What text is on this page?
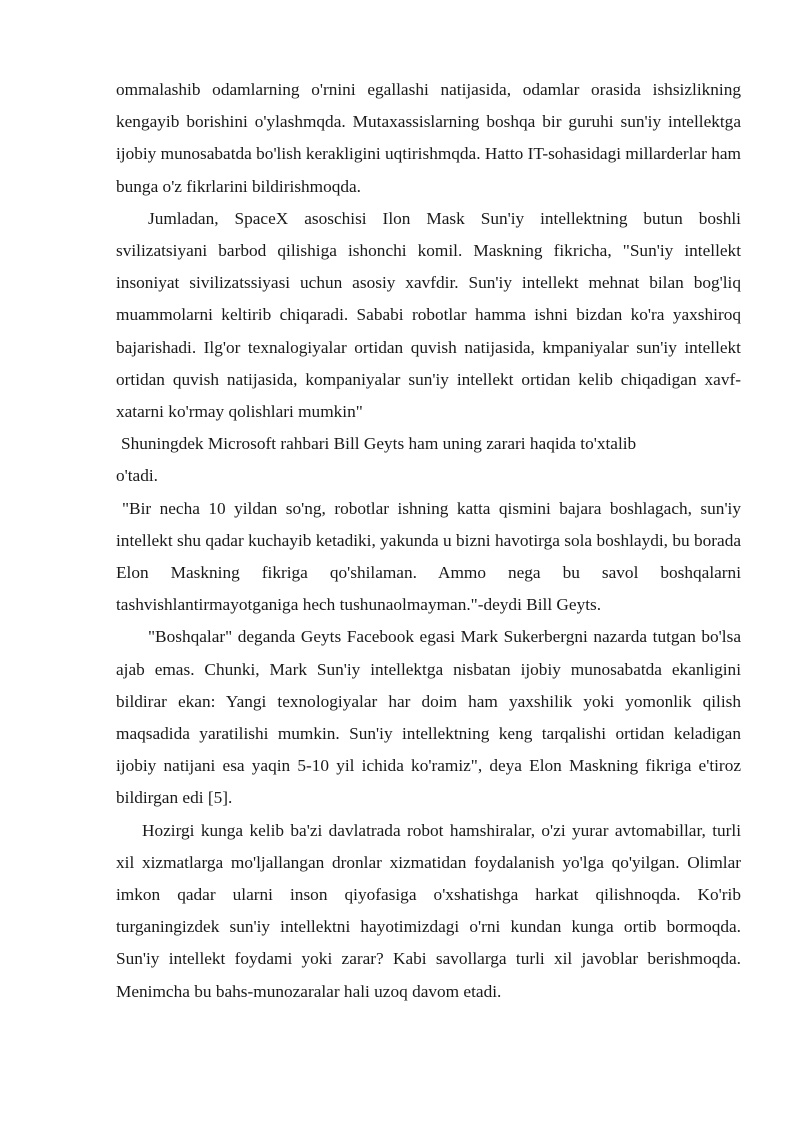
ommalashib odamlarning o'rnini egallashi natijasida, odamlar orasida ishsizlikning kengayib borishini o'ylashmqda. Mutaxassislarning boshqa bir guruhi sun'iy intellektga ijobiy munosabatda bo'lish kerakligini uqtirishmqda. Hatto IT-sohasidagi millarderlar ham bunga o'z fikrlarini bildirishmoqda.

Jumladan, SpaceX asoschisi Ilon Mask Sun'iy intellektning butun boshli svilizatsiyani barbod qilishiga ishonchi komil. Maskning fikricha, "Sun'iy intellekt insoniyat sivilizatssiyasi uchun asosiy xavfdir. Sun'iy intellekt mehnat bilan bog'liq muammolarni keltirib chiqaradi. Sababi robotlar hamma ishni bizdan ko'ra yaxshiroq bajarishadi. Ilg'or texnalogiyalar ortidan quvish natijasida, kmpaniyalar sun'iy intellekt ortidan quvish natijasida, kompaniyalar sun'iy intellekt ortidan kelib chiqadigan xavf-xatarni ko'rmay qolishlari mumkin"

Shuningdek Microsoft rahbari Bill Geyts ham uning zarari haqida to'xtalib

o'tadi.

"Bir necha 10 yildan so'ng, robotlar ishning katta qismini bajara boshlagach, sun'iy intellekt shu qadar kuchayib ketadiki, yakunda u bizni havotirga sola boshlaydi, bu borada Elon Maskning fikriga qo'shilaman. Ammo nega bu savol boshqalarni tashvishlantirmayotganiga hech tushunaolmayman."-deydi Bill Geyts.

"Boshqalar" deganda Geyts Facebook egasi Mark Sukerbergni nazarda tutgan bo'lsa ajab emas. Chunki, Mark Sun'iy intellektga nisbatan ijobiy munosabatda ekanligini bildirar ekan: Yangi texnologiyalar har doim ham yaxshilik yoki yomonlik qilish maqsadida yaratilishi mumkin. Sun'iy intellektning keng tarqalishi ortidan keladigan ijobiy natijani esa yaqin 5-10 yil ichida ko'ramiz", deya Elon Maskning fikriga e'tiroz bildirgan edi [5].

Hozirgi kunga kelib ba'zi davlatrada robot hamshiralar, o'zi yurar avtomabillar, turli xil xizmatlarga mo'ljallangan dronlar xizmatidan foydalanish yo'lga qo'yilgan. Olimlar imkon qadar ularni inson qiyofasiga o'xshatishga harkat qilishnoqda. Ko'rib turganingizdek sun'iy intellektni hayotimizdagi o'rni kundan kunga ortib bormoqda. Sun'iy intellekt foydami yoki zarar? Kabi savollarga turli xil javoblar berishmoqda. Menimcha bu bahs-munozaralar hali uzoq davom etadi.
